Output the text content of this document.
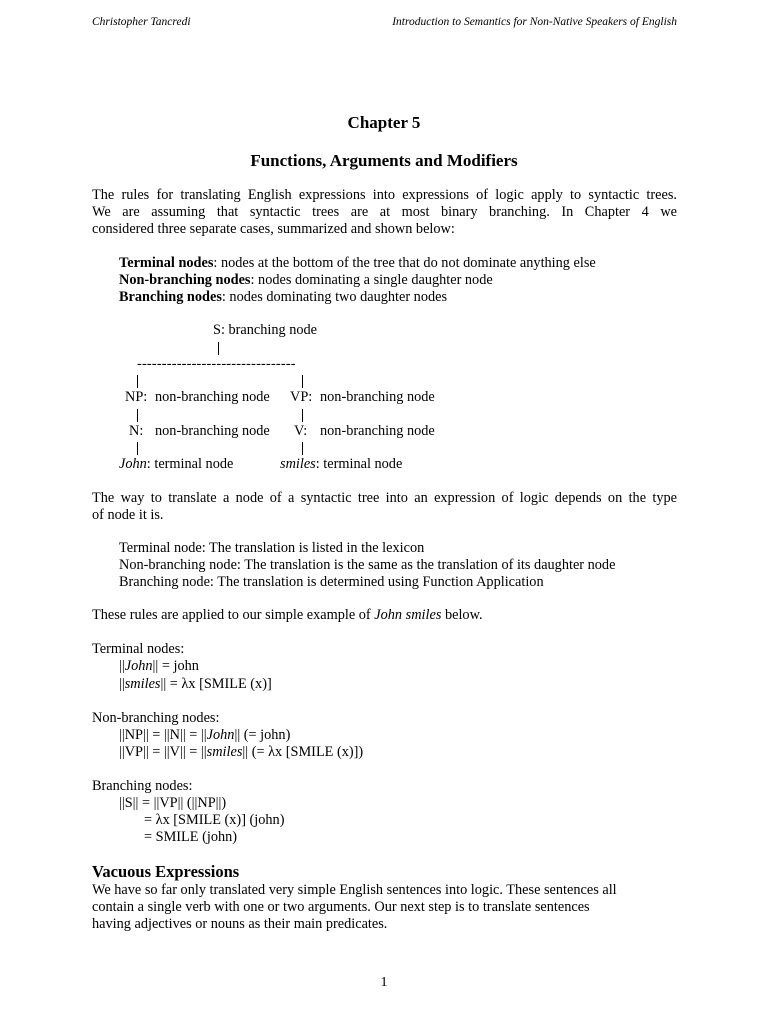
Christopher Tancredi	Introduction to Semantics for Non-Native Speakers of English
Chapter 5
Functions, Arguments and Modifiers
The rules for translating English expressions into expressions of logic apply to syntactic trees.
We are assuming that syntactic trees are at most binary branching. In Chapter 4 we
considered three separate cases, summarized and shown below:
Terminal nodes: nodes at the bottom of the tree that do not dominate anything else
Non-branching nodes: nodes dominating a single daughter node
Branching nodes: nodes dominating two daughter nodes
S: branching node
--------------------------------
NP: non-branching node VP: non-branching node
N: non-branching node V: non-branching node
John: terminal node	smiles: terminal node
The way to translate a node of a syntactic tree into an expression of logic depends on the type
of node it is.
Terminal node: The translation is listed in the lexicon
Non-branching node: The translation is the same as the translation of its daughter node
Branching node: The translation is determined using Function Application
These rules are applied to our simple example of John smiles below.
Terminal nodes:
||John|| = john
||smiles|| = λx [SMILE (x)]
Non-branching nodes:
||NP|| = ||N|| = ||John|| (= john)
||VP|| = ||V|| = ||smiles|| (= λx [SMILE (x)])
Branching nodes:
||S|| = ||VP|| (||NP||)
= λx [SMILE (x)] (john)
= SMILE (john)
Vacuous Expressions
We have so far only translated very simple English sentences into logic. These sentences all
contain a single verb with one or two arguments. Our next step is to translate sentences
having adjectives or nouns as their main predicates.
1
